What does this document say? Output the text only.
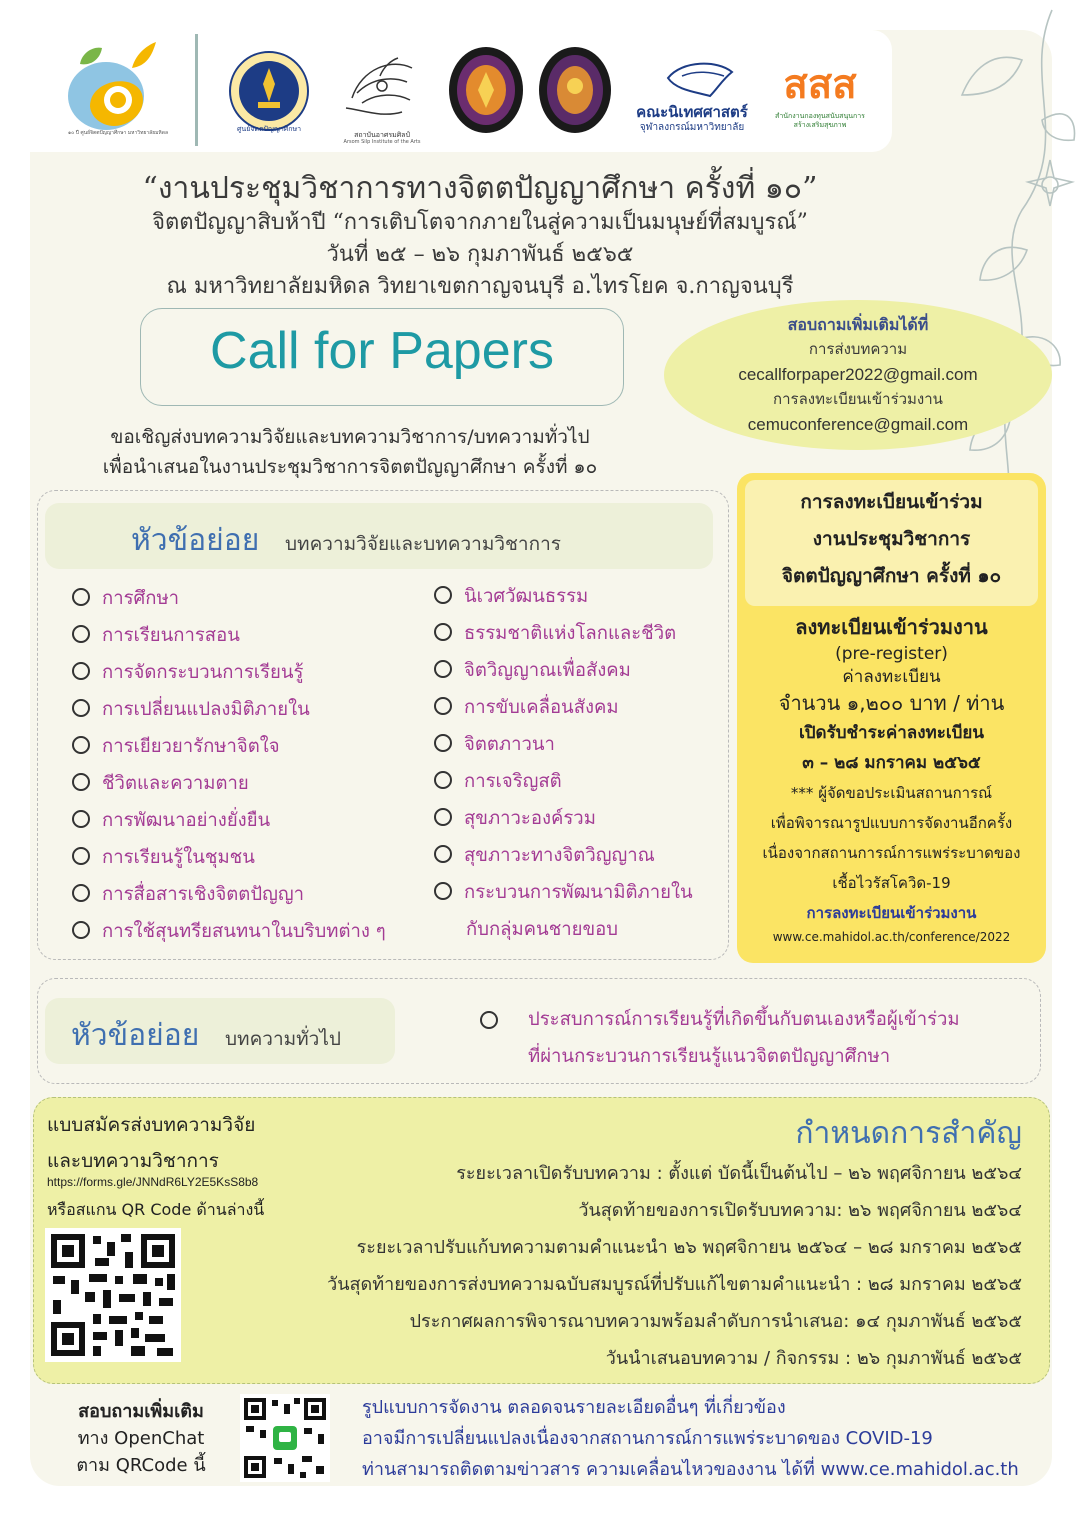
๑๐ ปี ศูนย์จิตตปัญญาศึกษา มหาวิทยาลัยมหิดล	ศูนย์จิตตปัญญาศึกษา
สถาบันอาศรมศิลป์
Arsom Silp Institute of the Arts
คณะนิเทศศาสตร์
จุฬาลงกรณ์มหาวิทยาลัย
สสส
สำนักงานกองทุนสนับสนุนการสร้างเสริมสุขภาพ
“งานประชุมวิชาการทางจิตตปัญญาศึกษา ครั้งที่ ๑๐”
จิตตปัญญาสิบห้าปี “การเติบโตจากภายในสู่ความเป็นมนุษย์ที่สมบูรณ์”
วันที่ ๒๕ – ๒๖ กุมภาพันธ์ ๒๕๖๕
ณ มหาวิทยาลัยมหิดล วิทยาเขตกาญจนบุรี อ.ไทรโยค จ.กาญจนบุรี
Call for Papers	สอบถามเพิ่มเติมได้ที่
การส่งบทความ
cecallforpaper2022@gmail.com
การลงทะเบียนเข้าร่วมงาน
cemuconference@gmail.com
ขอเชิญส่งบทความวิจัยและบทความวิชาการ/บทความทั่วไป
เพื่อนำเสนอในงานประชุมวิชาการจิตตปัญญาศึกษา ครั้งที่ ๑๐
หัวข้อย่อย บทความวิจัยและบทความวิชาการ
การศึกษา
การเรียนการสอน
การจัดกระบวนการเรียนรู้
การเปลี่ยนแปลงมิติภายใน
การเยียวยารักษาจิตใจ
ชีวิตและความตาย
การพัฒนาอย่างยั่งยืน
การเรียนรู้ในชุมชน
การสื่อสารเชิงจิตตปัญญา
การใช้สุนทรียสนทนาในบริบทต่าง ๆ
นิเวศวัฒนธรรม
ธรรมชาติแห่งโลกและชีวิต
จิตวิญญาณเพื่อสังคม
การขับเคลื่อนสังคม
จิตตภาวนา
การเจริญสติ
สุขภาวะองค์รวม
สุขภาวะทางจิตวิญญาณ
กระบวนการพัฒนามิติภายใน
กับกลุ่มคนชายขอบ
การลงทะเบียนเข้าร่วม
งานประชุมวิชาการ
จิตตปัญญาศึกษา ครั้งที่ ๑๐
ลงทะเบียนเข้าร่วมงาน
(pre-register)
ค่าลงทะเบียน
จำนวน ๑,๒๐๐ บาท / ท่าน
เปิดรับชำระค่าลงทะเบียน
๓ – ๒๘ มกราคม ๒๕๖๕
*** ผู้จัดขอประเมินสถานการณ์
เพื่อพิจารณารูปแบบการจัดงานอีกครั้ง
เนื่องจากสถานการณ์การแพร่ระบาดของ
เชื้อไวรัสโควิด-19
การลงทะเบียนเข้าร่วมงาน
www.ce.mahidol.ac.th/conference/2022
หัวข้อย่อย บทความทั่วไป
ประสบการณ์การเรียนรู้ที่เกิดขึ้นกับตนเองหรือผู้เข้าร่วม
ที่ผ่านกระบวนการเรียนรู้แนวจิตตปัญญาศึกษา
แบบสมัครส่งบทความวิจัย
และบทความวิชาการ
https://forms.gle/JNNdR6LY2E5KsS8b8
หรือสแกน QR Code ด้านล่างนี้
กำหนดการสำคัญ
ระยะเวลาเปิดรับบทความ : ตั้งแต่ บัดนี้เป็นต้นไป – ๒๖ พฤศจิกายน ๒๕๖๔
วันสุดท้ายของการเปิดรับบทความ: ๒๖ พฤศจิกายน ๒๕๖๔
ระยะเวลาปรับแก้บทความตามคำแนะนำ ๒๖ พฤศจิกายน ๒๕๖๔ – ๒๘ มกราคม ๒๕๖๕
วันสุดท้ายของการส่งบทความฉบับสมบูรณ์ที่ปรับแก้ไขตามคำแนะนำ : ๒๘ มกราคม ๒๕๖๕
ประกาศผลการพิจารณาบทความพร้อมลำดับการนำเสนอ: ๑๔ กุมภาพันธ์ ๒๕๖๕
วันนำเสนอบทความ / กิจกรรม : ๒๖ กุมภาพันธ์ ๒๕๖๕
สอบถามเพิ่มเติม
ทาง OpenChat
ตาม QRCode นี้
รูปแบบการจัดงาน ตลอดจนรายละเอียดอื่นๆ ที่เกี่ยวข้อง
อาจมีการเปลี่ยนแปลงเนื่องจากสถานการณ์การแพร่ระบาดของ COVID-19
ท่านสามารถติดตามข่าวสาร ความเคลื่อนไหวของงาน ได้ที่ www.ce.mahidol.ac.th
